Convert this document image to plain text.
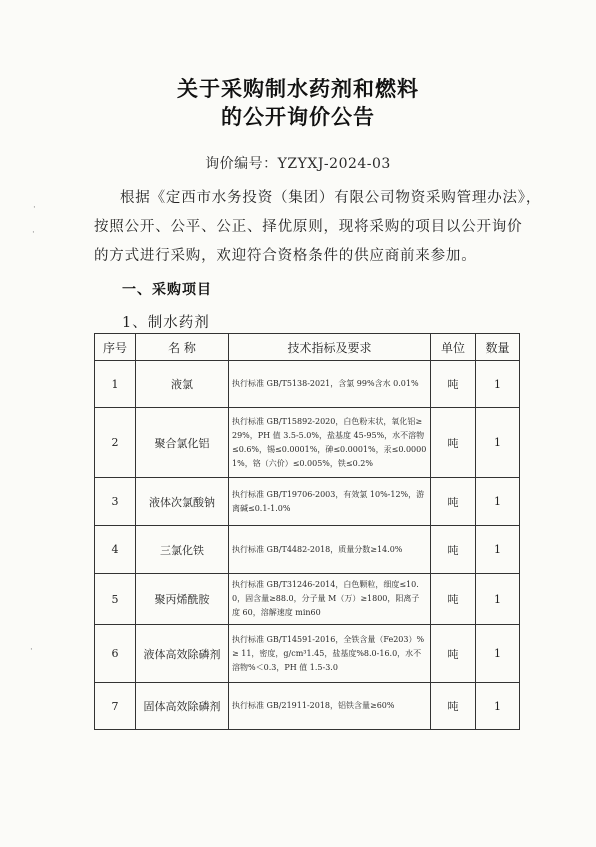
关于采购制水药剂和燃料
的公开询价公告
询价编号：YZYXJ-2024-03
根据《定西市水务投资（集团）有限公司物资采购管理办法》，
按照公开、公平、公正、择优原则，现将采购的项目以公开询价
的方式进行采购，欢迎符合资格条件的供应商前来参加。
一、采购项目
1、制水药剂
序号	名 称	技术指标及要求	单位	数量
1	液氯	执行标准 GB/T5138-2021，含氯 99%含水 0.01%	吨	1
2	聚合氯化铝	执行标准 GB/T15892-2020，白色粉末状，氧化铝≥29%，PH 值 3.5-5.0%，盐基度 45-95%，水不溶物≤0.6%，锡≤0.0001%，砷≤0.0001%，汞≤0.00001%，铬（六价）≤0.005%，铁≤0.2%	吨	1
3	液体次氯酸钠	执行标准 GB/T19706-2003，有效氯 10%-12%，游离碱≤0.1-1.0%	吨	1
4	三氯化铁	执行标准 GB/T4482-2018，质量分数≥14.0%	吨	1
5	聚丙烯酰胺	执行标准 GB/T31246-2014，白色颗粒，细度≤10.0，固含量≥88.0，分子量 M（万）≥1800，阳离子度 60，溶解速度 min60	吨	1
6	液体高效除磷剂	执行标准 GB/T14591-2016，全铁含量（Fe203）% ≥ 11，密度，g/cm³1.45，盐基度%8.0-16.0，水不溶物%＜0.3，PH 值 1.5-3.0	吨	1
7	固体高效除磷剂	执行标准 GB/21911-2018，铝铁含量≥60%	吨	1
·
·
·
